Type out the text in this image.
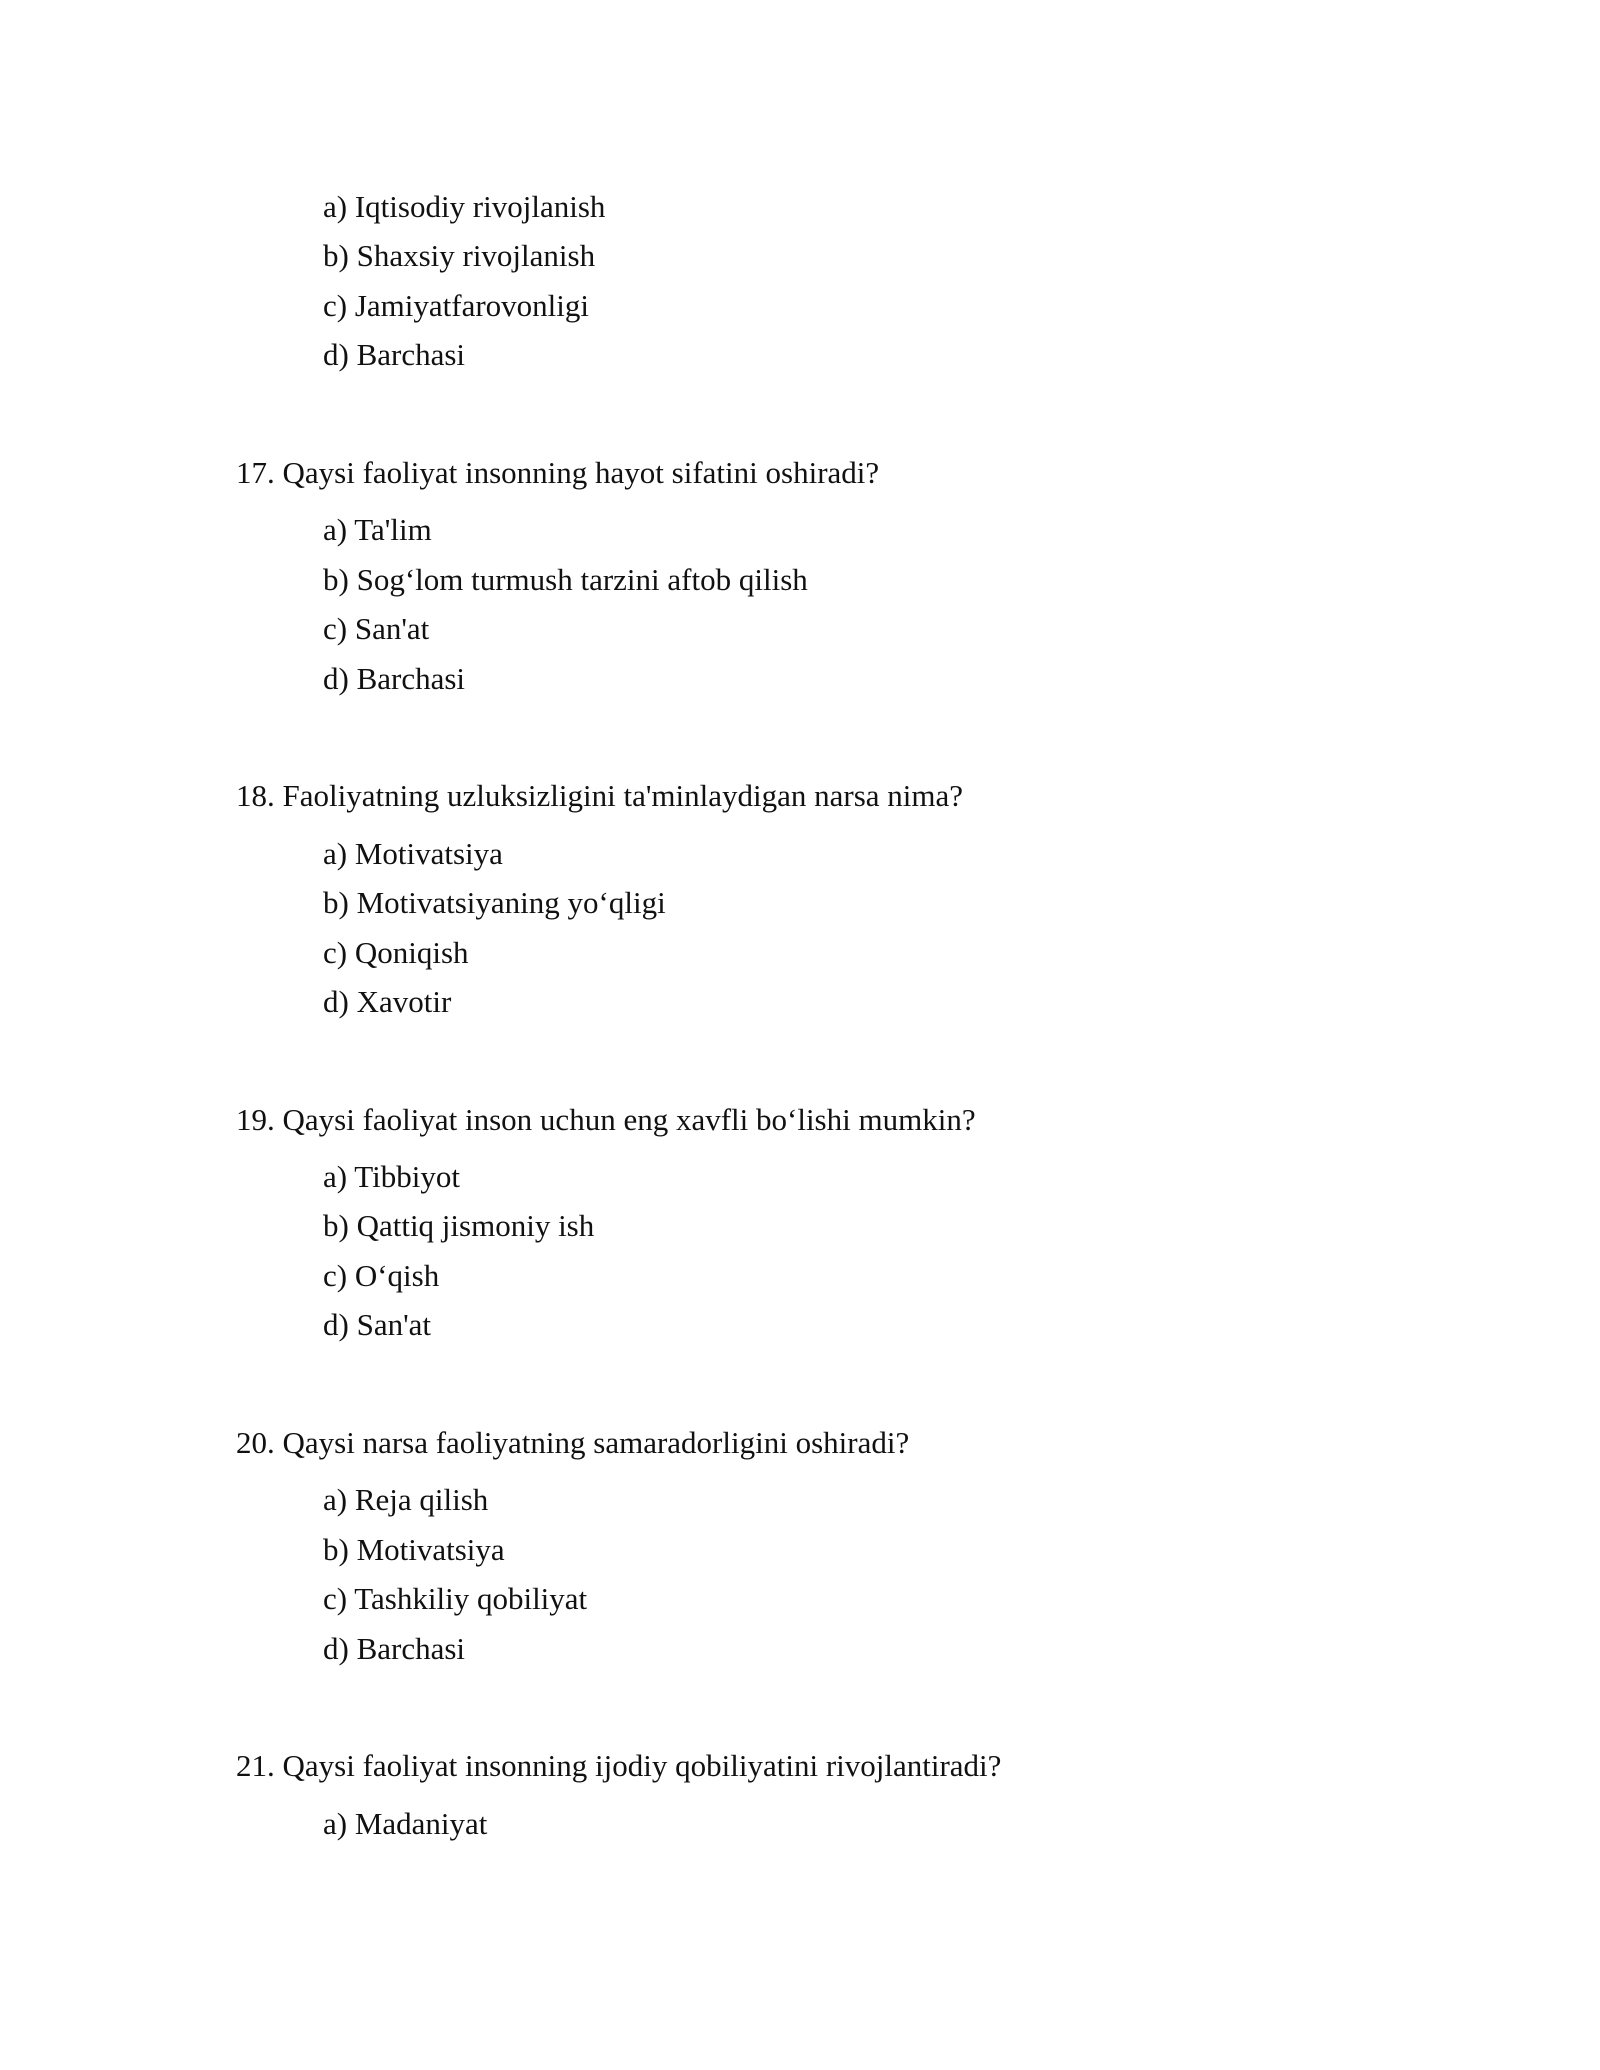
a) Iqtisodiy rivojlanish
b) Shaxsiy rivojlanish
c) Jamiyatfarovonligi
d) Barchasi
17. Qaysi faoliyat insonning hayot sifatini oshiradi?
a) Ta'lim
b) Sog‘lom turmush tarzini aftob qilish
c) San'at
d) Barchasi
18. Faoliyatning uzluksizligini ta'minlaydigan narsa nima?
a) Motivatsiya
b) Motivatsiyaning yo‘qligi
c) Qoniqish
d) Xavotir
19. Qaysi faoliyat inson uchun eng xavfli bo‘lishi mumkin?
a) Tibbiyot
b) Qattiq jismoniy ish
c) O‘qish
d) San'at
20. Qaysi narsa faoliyatning samaradorligini oshiradi?
a) Reja qilish
b) Motivatsiya
c) Tashkiliy qobiliyat
d) Barchasi
21. Qaysi faoliyat insonning ijodiy qobiliyatini rivojlantiradi?
a) Madaniyat
